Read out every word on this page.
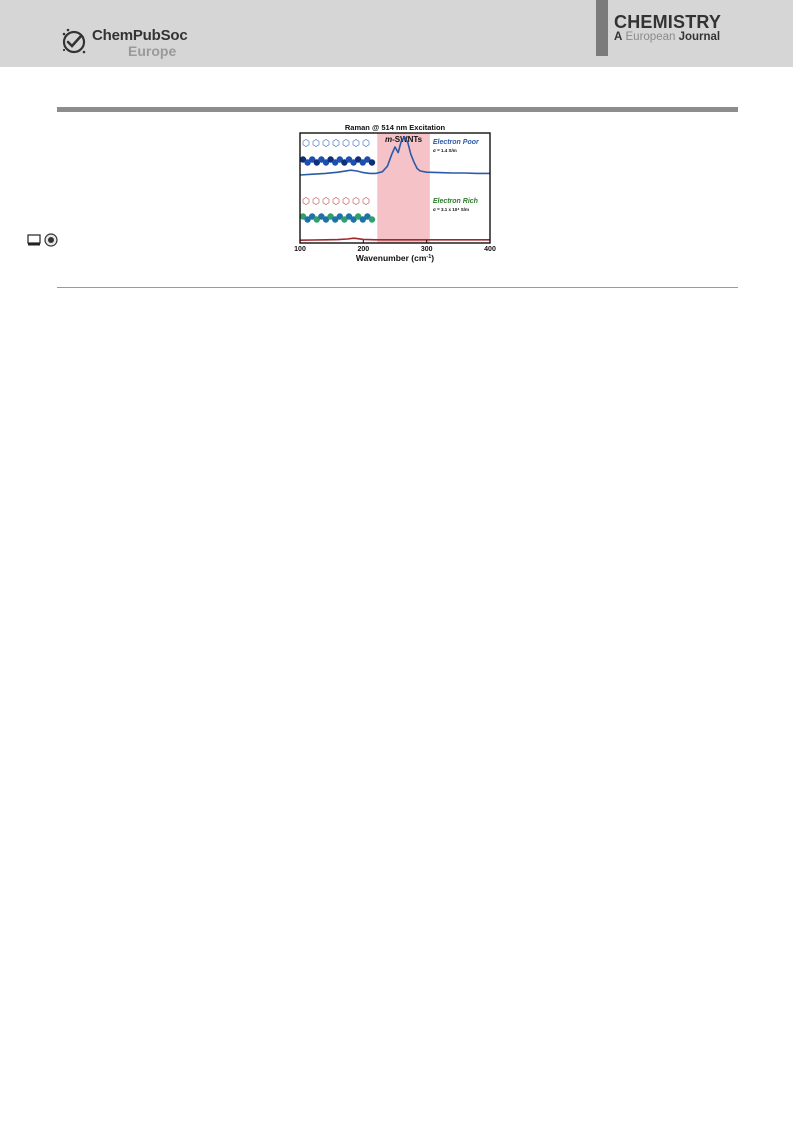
ChemPubSoc
Europe
CHEMISTRY
A European Journal
Raman @ 514 nm Excitation
m-SWNTs Electron Poor
σ = 1.4 S/m
Electron Rich
σ = 3.1 x 10⁴ S/m
100	200	300	400
Wavenumber $(cm^{-1})$
